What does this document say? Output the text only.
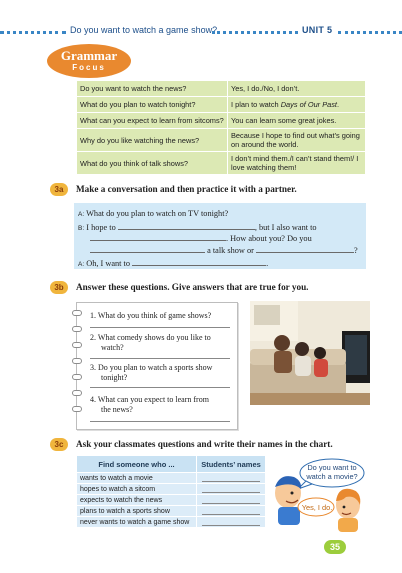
Do you want to watch a game show?	UNIT 5
Grammar
Focus
Do you want to watch the news?	Yes, I do./No, I don’t.
What do you plan to watch tonight?	I plan to watch Days of Our Past.
What can you expect to learn from sitcoms?	You can learn some great jokes.
Why do you like watching the news?	Because I hope to find out what’s going on around the world.
What do you think of talk shows?	I don’t mind them./I can’t stand them!/ I love watching them!
3a	Make a conversation and then practice it with a partner.
A: What do you plan to watch on TV tonight?
B: I hope to	, but I also want to
. How about you? Do you
a talk show or	?
A: Oh, I want to	.
3b	Answer these questions. Give answers that are true for you.
1. What do you think of game shows?
2. What comedy shows do you like to
watch?
3. Do you plan to watch a sports show
tonight?
4. What can you expect to learn from
the news?
3c	Ask your classmates questions and write their names in the chart.
Find someone who ...	Students’ names
wants to watch a movie	

hopes to watch a sitcom	

expects to watch the news	

plans to watch a sports show	

never wants to watch a game show	
Do you want to watch a movie?
Yes, I do.
35
